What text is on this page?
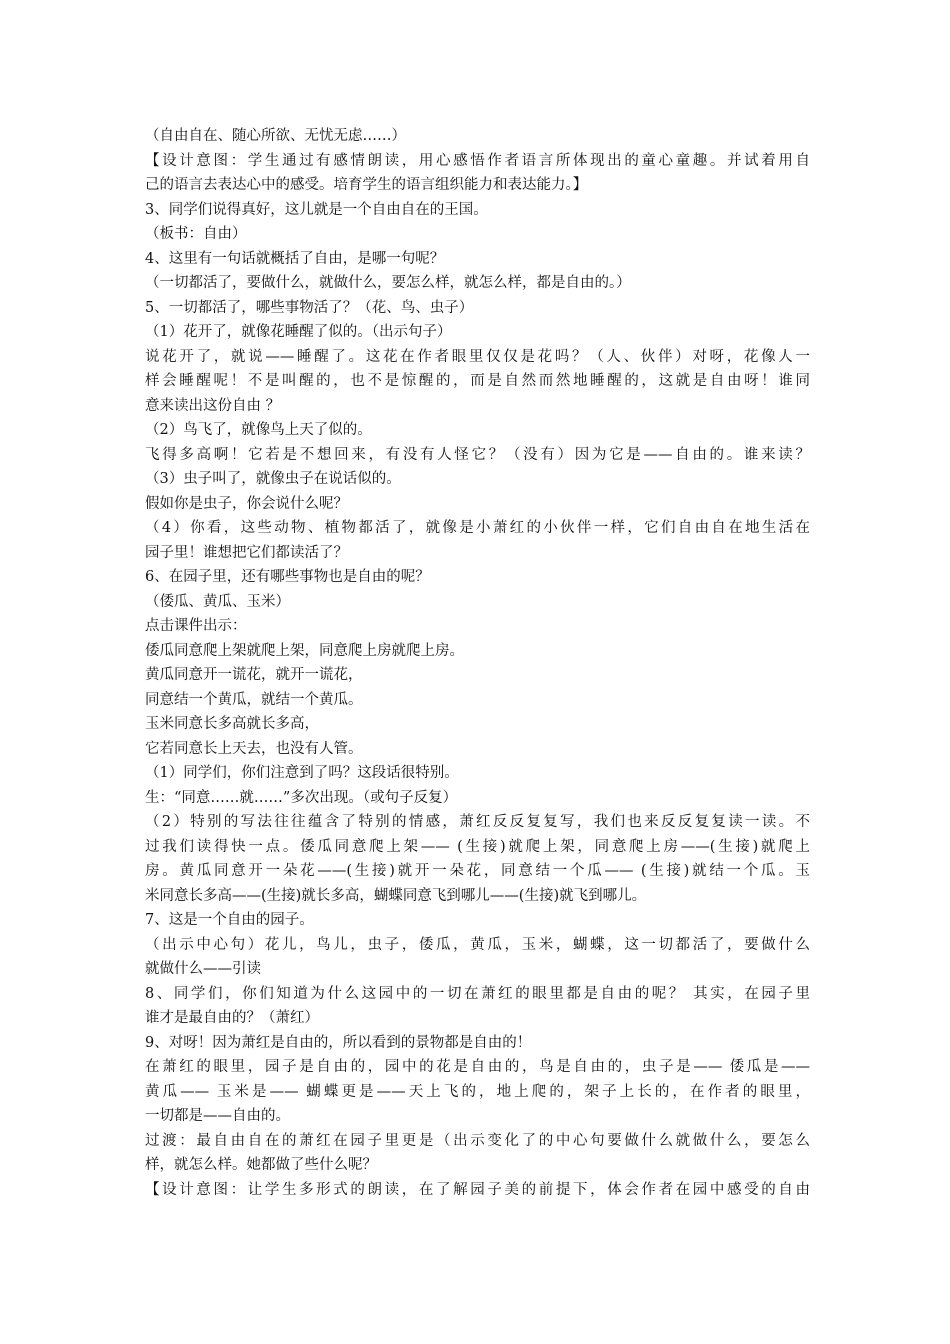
（自由自在、随心所欲、无忧无虑……）
【设计意图：学生通过有感情朗读，用心感悟作者语言所体现出的童心童趣。并试着用自
己的语言去表达心中的感受。培育学生的语言组织能力和表达能力。】
3、同学们说得真好，这儿就是一个自由自在的王国。
（板书：自由）
4、这里有一句话就概括了自由，是哪一句呢？
（一切都活了，要做什么，就做什么，要怎么样，就怎么样，都是自由的。）
5、一切都活了，哪些事物活了？（花、鸟、虫子）
（1）花开了，就像花睡醒了似的。（出示句子）
说花开了，就说——睡醒了。这花在作者眼里仅仅是花吗？（人、伙伴）对呀，花像人一
样会睡醒呢！不是叫醒的，也不是惊醒的，而是自然而然地睡醒的，这就是自由呀！谁同
意来读出这份自由 ？
（2）鸟飞了，就像鸟上天了似的。
飞得多高啊！它若是不想回来，有没有人怪它？（没有）因为它是——自由的。谁来读？
（3）虫子叫了，就像虫子在说话似的。
假如你是虫子，你会说什么呢？
（4）你看，这些动物、植物都活了，就像是小萧红的小伙伴一样，它们自由自在地生活在
园子里！谁想把它们都读活了？
6、在园子里，还有哪些事物也是自由的呢？
（倭瓜、黄瓜、玉米）
点击课件出示：
倭瓜同意爬上架就爬上架，同意爬上房就爬上房。
黄瓜同意开一谎花，就开一谎花，
同意结一个黄瓜，就结一个黄瓜。
玉米同意长多高就长多高，
它若同意长上天去，也没有人管。
（1）同学们，你们注意到了吗？这段话很特别。
生：“同意……就……”多次出现。（或句子反复）
（2）特别的写法往往蕴含了特别的情感，萧红反反复复写，我们也来反反复复读一读。不
过我们读得快一点。倭瓜同意爬上架—— (生接)就爬上架，同意爬上房——(生接)就爬上
房。黄瓜同意开一朵花——(生接)就开一朵花，同意结一个瓜—— (生接)就结一个瓜。玉
米同意长多高——(生接)就长多高，蝴蝶同意飞到哪儿——(生接)就飞到哪儿。
7、这是一个自由的园子。
（出示中心句）花儿，鸟儿，虫子，倭瓜，黄瓜，玉米，蝴蝶，这一切都活了，要做什么
就做什么——引读
8、同学们，你们知道为什么这园中的一切在萧红的眼里都是自由的呢？ 其实，在园子里
谁才是最自由的？（萧红）
9、对呀！因为萧红是自由的，所以看到的景物都是自由的！
在萧红的眼里，园子是自由的，园中的花是自由的，鸟是自由的，虫子是—— 倭瓜是——
黄瓜—— 玉米是—— 蝴蝶更是——天上飞的，地上爬的，架子上长的，在作者的眼里，
一切都是——自由的。
过渡：最自由自在的萧红在园子里更是（出示变化了的中心句要做什么就做什么，要怎么
样，就怎么样。她都做了些什么呢？
【设计意图：让学生多形式的朗读，在了解园子美的前提下，体会作者在园中感受的自由
